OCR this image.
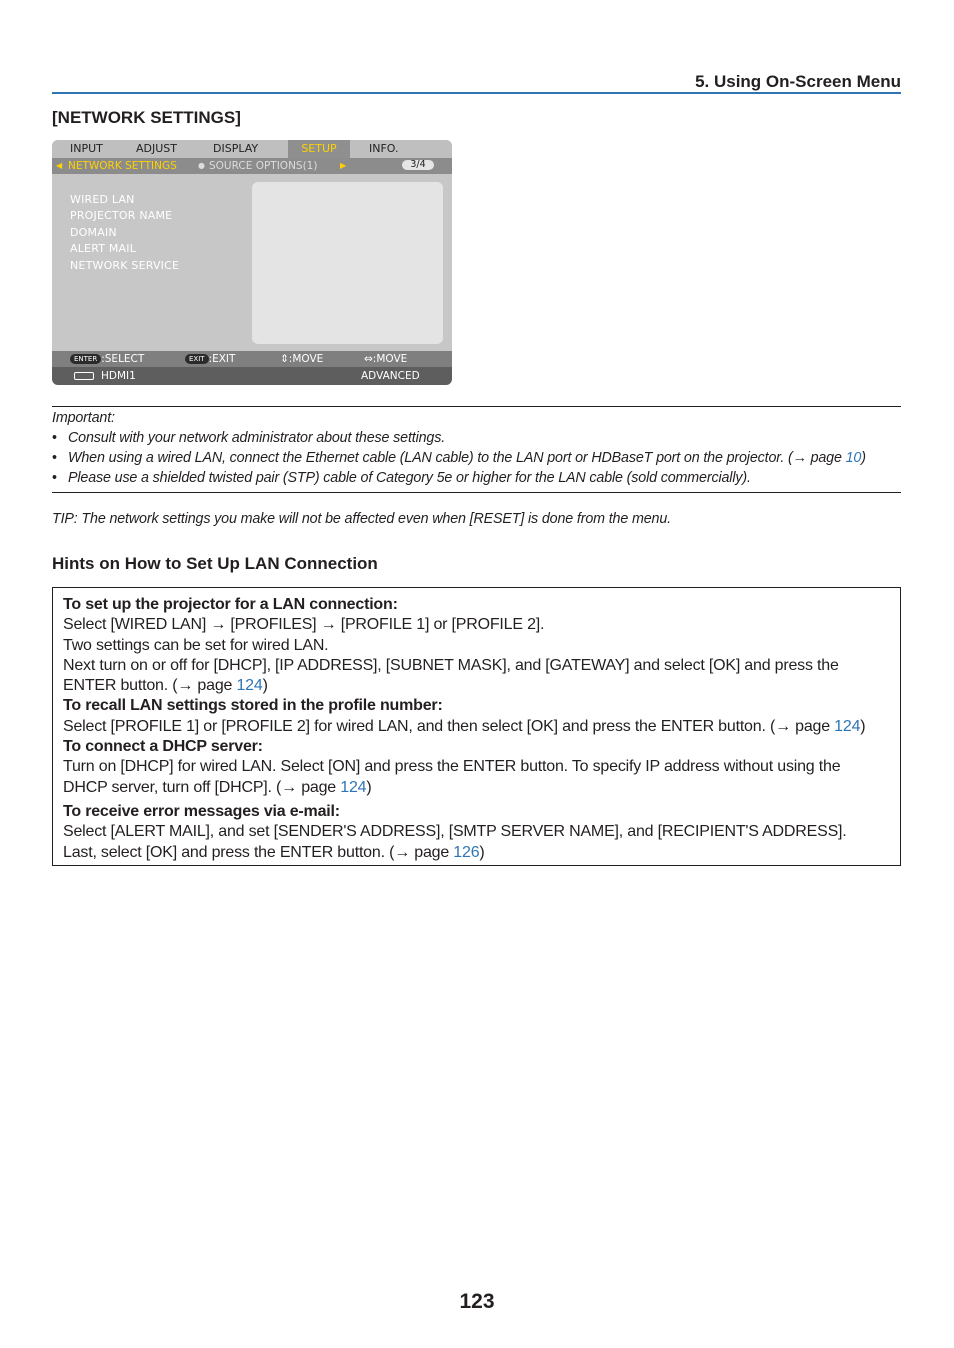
5. Using On-Screen Menu
[NETWORK SETTINGS]
INPUT	ADJUST	DISPLAY	SETUP	INFO.
◀ NETWORK SETTINGS	● SOURCE OPTIONS(1)	▶	3/4
WIRED LAN
PROJECTOR NAME
DOMAIN
ALERT MAIL
NETWORK SERVICE
ENTER :SELECT	EXIT :EXIT	⇕:MOVE	⇔:MOVE
HDMI1	ADVANCED

Important:

• Consult with your network administrator about these settings.
• When using a wired LAN, connect the Ethernet cable (LAN cable) to the LAN port or HDBaseT port on the projector. (→ page 10)
• Please use a shielded twisted pair (STP) cable of Category 5e or higher for the LAN cable (sold commercially).

TIP: The network settings you make will not be affected even when [RESET] is done from the menu.

Hints on How to Set Up LAN Connection

To set up the projector for a LAN connection:

Select [WIRED LAN] → [PROFILES] → [PROFILE 1] or [PROFILE 2].

Two settings can be set for wired LAN.

Next turn on or off for [DHCP], [IP ADDRESS], [SUBNET MASK], and [GATEWAY] and select [OK] and press the

ENTER button. (→ page 124)

To recall LAN settings stored in the profile number:

Select [PROFILE 1] or [PROFILE 2] for wired LAN, and then select [OK] and press the ENTER button. (→ page 124)

To connect a DHCP server:

Turn on [DHCP] for wired LAN. Select [ON] and press the ENTER button. To specify IP address without using the

DHCP server, turn off [DHCP]. (→ page 124)

To receive error messages via e-mail:

Select [ALERT MAIL], and set [SENDER'S ADDRESS], [SMTP SERVER NAME], and [RECIPIENT'S ADDRESS].

Last, select [OK] and press the ENTER button. (→ page 126)

123
